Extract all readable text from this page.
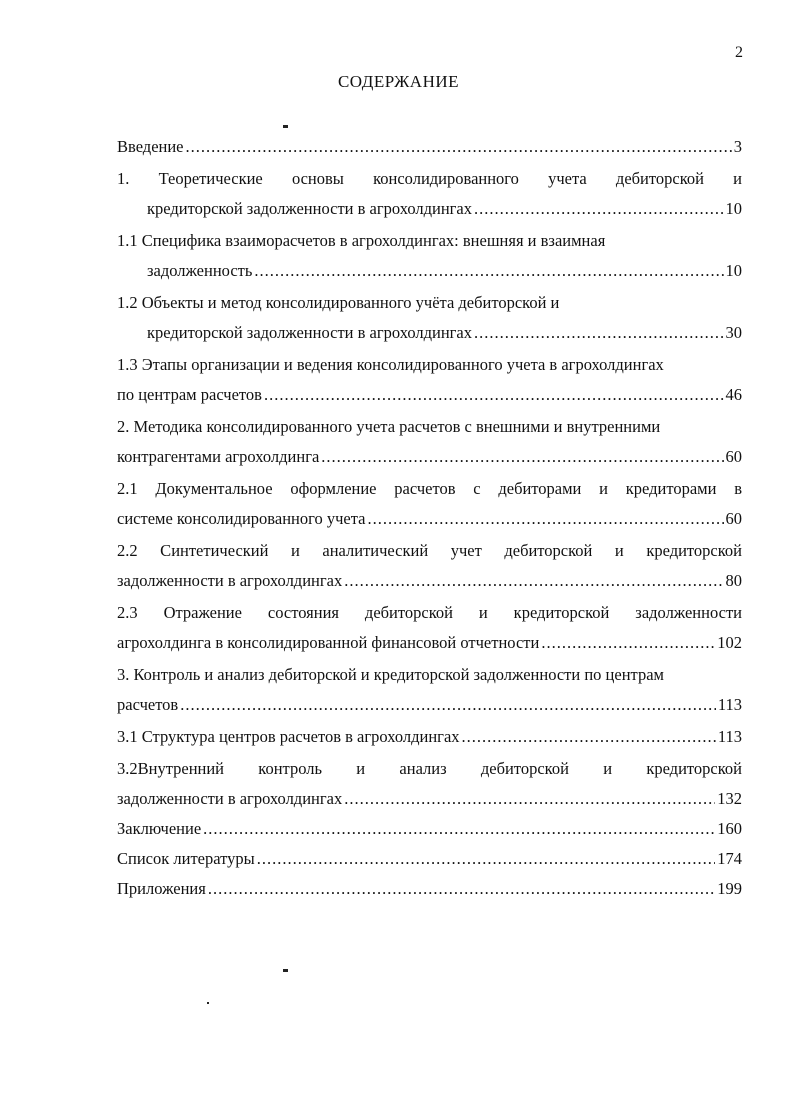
2
СОДЕРЖАНИЕ
Введение .....	3
1. Теоретические основы консолидированного учета дебиторской и
кредиторской задолженности в агрохолдингах .....	10
1.1 Специфика взаиморасчетов в агрохолдингах: внешняя и взаимная
задолженность .....	10
1.2 Объекты и метод консолидированного учёта дебиторской и
кредиторской задолженности в агрохолдингах .....	30
1.3 Этапы организации и ведения консолидированного учета в агрохолдингах
по центрам расчетов .....	46
2. Методика консолидированного учета расчетов с внешними и внутренними
контрагентами агрохолдинга .....	60
2.1 Документальное оформление расчетов с дебиторами и кредиторами в
системе консолидированного учета .....	60
2.2 Синтетический и аналитический учет дебиторской и кредиторской
задолженности в агрохолдингах .....	80
2.3 Отражение состояния дебиторской и кредиторской задолженности
агрохолдинга в консолидированной финансовой отчетности .....	102
3. Контроль и анализ дебиторской и кредиторской задолженности по центрам
расчетов .....	113
3.1 Структура центров расчетов в агрохолдингах .....	113
3.2Внутренний контроль и анализ дебиторской и кредиторской
задолженности в агрохолдингах .....	132
Заключение .....	160
Список литературы .....	174
Приложения .....	199
